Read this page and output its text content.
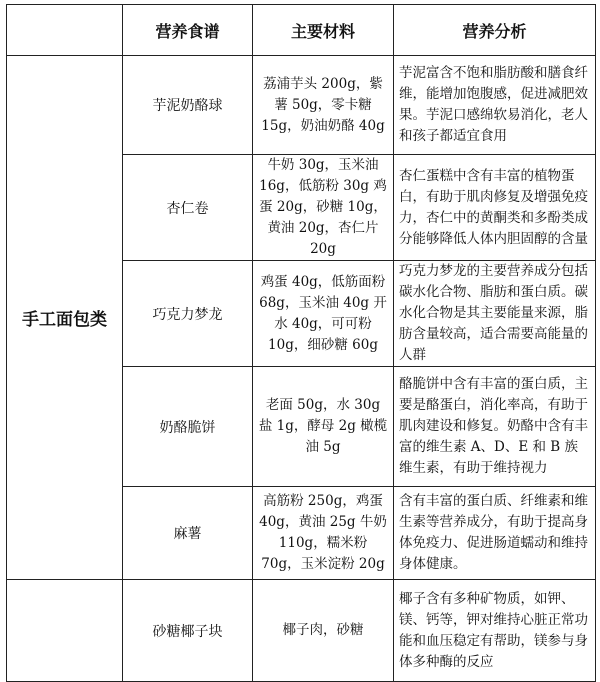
	营养食谱	主要材料	营养分析
手工面包类	芋泥奶酪球	荔浦芋头 200g，紫薯 50g，零卡糖 15g，奶油奶酪 40g	芋泥富含不饱和脂肪酸和膳食纤维，能增加饱腹感，促进减肥效果。芋泥口感绵软易消化，老人和孩子都适宜食用
	杏仁卷	牛奶 30g，玉米油 16g，低筋粉 30g 鸡蛋 20g，砂糖 10g，黄油 20g，杏仁片 20g	杏仁蛋糕中含有丰富的植物蛋白，有助于肌肉修复及增强免疫力，杏仁中的黄酮类和多酚类成分能够降低人体内胆固醇的含量
	巧克力梦龙	鸡蛋 40g，低筋面粉 68g，玉米油 40g 开水 40g，可可粉 10g，细砂糖 60g	巧克力梦龙的主要营养成分包括碳水化合物、脂肪和蛋白质。碳水化合物是其主要能量来源，脂肪含量较高，适合需要高能量的人群
	奶酪脆饼	老面 50g，水 30g 盐 1g，酵母 2g 橄榄油 5g	酪脆饼中含有丰富的蛋白质，主要是酪蛋白，消化率高，有助于肌肉建设和修复。奶酪中含有丰富的维生素 A、D、E 和 B 族维生素，有助于维持视力
	麻薯	高筋粉 250g，鸡蛋 40g，黄油 25g 牛奶 110g，糯米粉 70g，玉米淀粉 20g	含有丰富的蛋白质、纤维素和维生素等营养成分，有助于提高身体免疫力、促进肠道蠕动和维持身体健康。
	砂糖椰子块	椰子肉，砂糖	椰子含有多种矿物质，如钾、镁、钙等，钾对维持心脏正常功能和血压稳定有帮助，镁参与身体多种酶的反应
